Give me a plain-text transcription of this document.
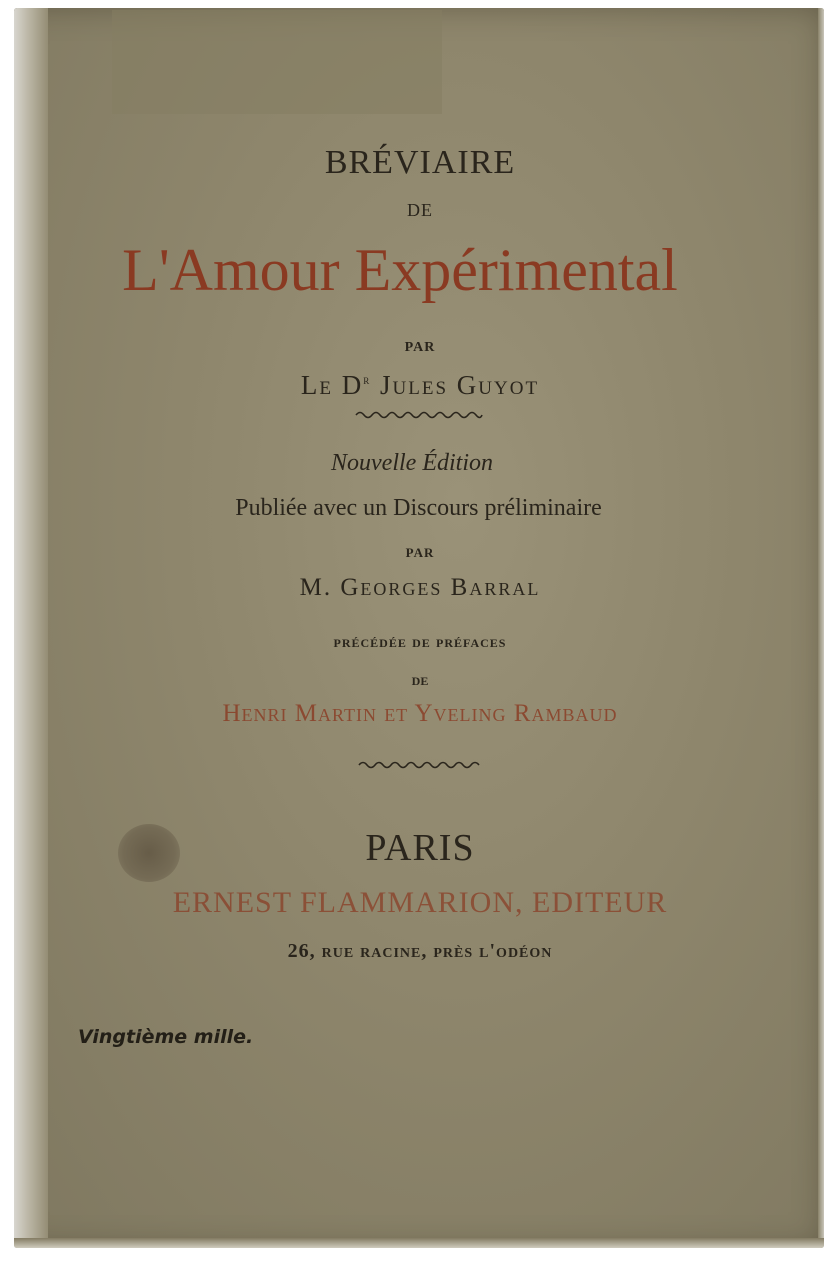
BRÉVIAIRE
DE
L'Amour Expérimental
PAR
Le $D^r$ Jules Guyot
Nouvelle Édition
Publiée avec un Discours préliminaire
PAR
M. Georges Barral
précédée de préfaces
de
Henri Martin et Yveling Rambaud
PARIS
ERNEST FLAMMARION, EDITEUR
26, rue racine, près l'odéon
Vingtième mille.
